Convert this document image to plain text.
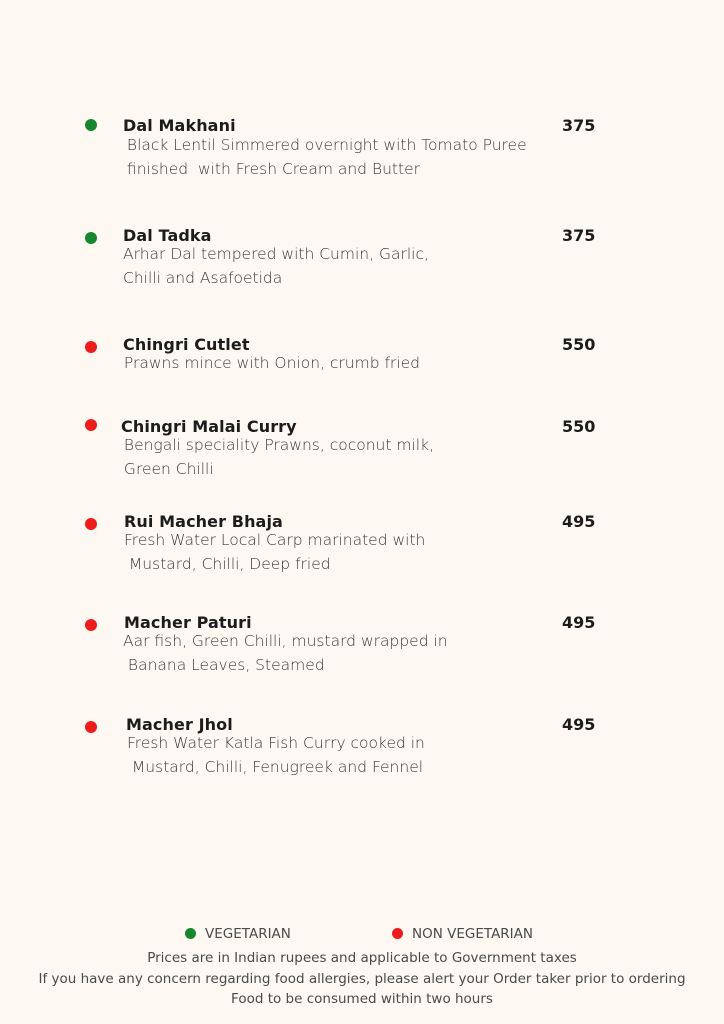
Dal Makhani	375
Black Lentil Simmered overnight with Tomato Puree
finished  with Fresh Cream and Butter
Dal Tadka	375
Arhar Dal tempered with Cumin, Garlic,
Chilli and Asafoetida
Chingri Cutlet	550
Prawns mince with Onion, crumb fried
Chingri Malai Curry	550
Bengali speciality Prawns, coconut milk,
Green Chilli
Rui Macher Bhaja	495
Fresh Water Local Carp marinated with
Mustard, Chilli, Deep fried
Macher Paturi	495
Aar fish, Green Chilli, mustard wrapped in
Banana Leaves, Steamed
Macher Jhol	495
Fresh Water Katla Fish Curry cooked in
Mustard, Chilli, Fenugreek and Fennel
VEGETARIAN	NON VEGETARIAN
Prices are in Indian rupees and applicable to Government taxes
If you have any concern regarding food allergies, please alert your Order taker prior to ordering
Food to be consumed within two hours
